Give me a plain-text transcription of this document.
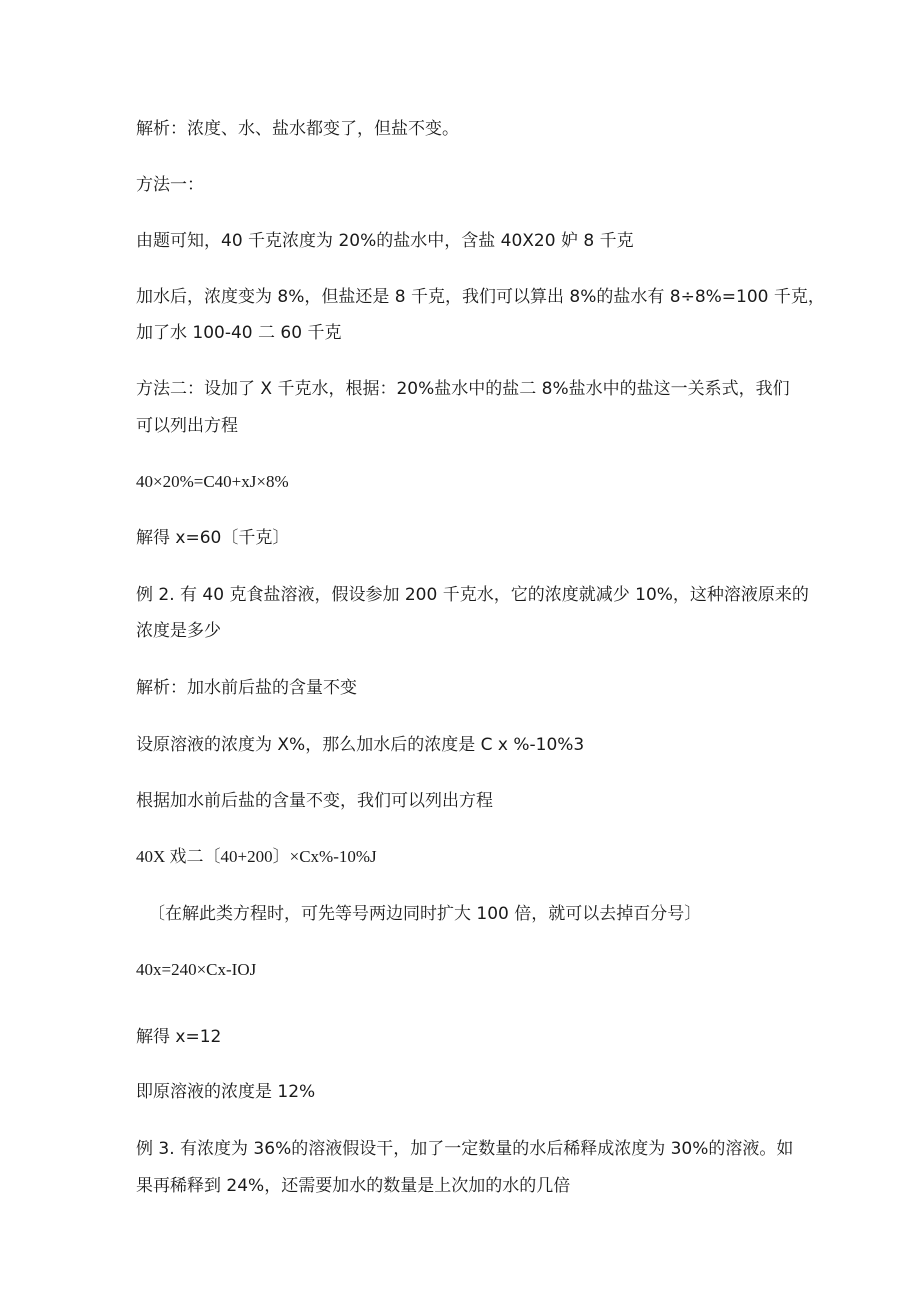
解析：浓度、水、盐水都变了，但盐不变。
方法一：
由题可知，40 千克浓度为 20%的盐水中，含盐 40X20 妒 8 千克
加水后，浓度变为 8%，但盐还是 8 千克，我们可以算出 8%的盐水有 8÷8%=100 千克，
加了水 100-40 二 60 千克
方法二：设加了 X 千克水，根据：20%盐水中的盐二 8%盐水中的盐这一关系式，我们
可以列出方程
40×20%=C40+xJ×8%
解得 x=60〔千克〕
例 2. 有 40 克食盐溶液，假设参加 200 千克水，它的浓度就减少 10%，这种溶液原来的
浓度是多少
解析：加水前后盐的含量不变
设原溶液的浓度为 X%，那么加水后的浓度是 C x %-10%3
根据加水前后盐的含量不变，我们可以列出方程
40X 戏二〔40+200〕×Cx%-10%J
〔在解此类方程时，可先等号两边同时扩大 100 倍，就可以去掉百分号〕
40x=240×Cx-IOJ
解得 x=12
即原溶液的浓度是 12%
例 3. 有浓度为 36%的溶液假设干，加了一定数量的水后稀释成浓度为 30%的溶液。如
果再稀释到 24%，还需要加水的数量是上次加的水的几倍
